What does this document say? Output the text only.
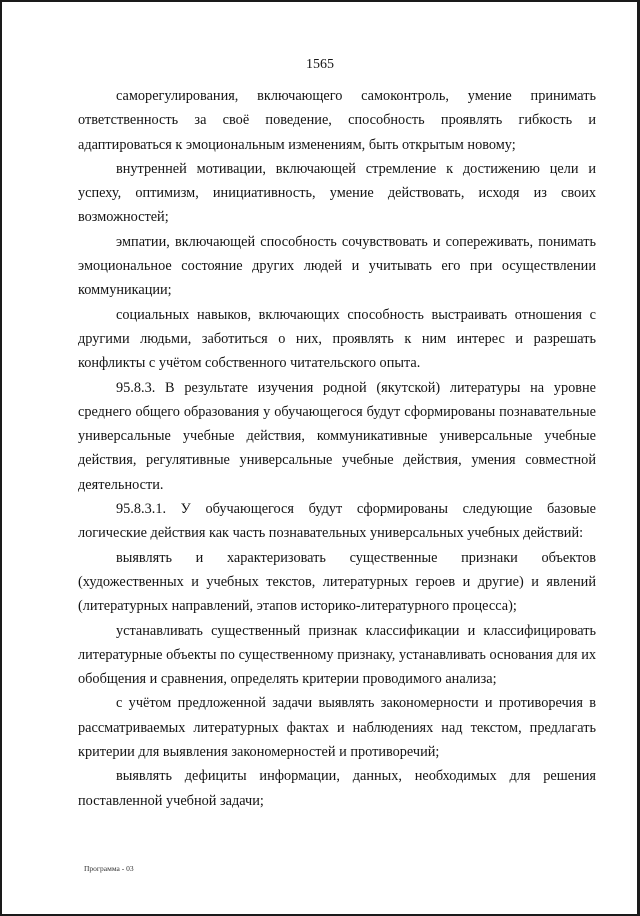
1565

саморегулирования, включающего самоконтроль, умение принимать ответственность за своё поведение, способность проявлять гибкость и адаптироваться к эмоциональным изменениям, быть открытым новому;

внутренней мотивации, включающей стремление к достижению цели и успеху, оптимизм, инициативность, умение действовать, исходя из своих возможностей;

эмпатии, включающей способность сочувствовать и сопереживать, понимать эмоциональное состояние других людей и учитывать его при осуществлении коммуникации;

социальных навыков, включающих способность выстраивать отношения с другими людьми, заботиться о них, проявлять к ним интерес и разрешать конфликты с учётом собственного читательского опыта.

95.8.3. В результате изучения родной (якутской) литературы на уровне среднего общего образования у обучающегося будут сформированы познавательные универсальные учебные действия, коммуникативные универсальные учебные действия, регулятивные универсальные учебные действия, умения совместной деятельности.

95.8.3.1. У обучающегося будут сформированы следующие базовые логические действия как часть познавательных универсальных учебных действий:

выявлять и характеризовать существенные признаки объектов (художественных и учебных текстов, литературных героев и другие) и явлений (литературных направлений, этапов историко-литературного процесса);

устанавливать существенный признак классификации и классифицировать литературные объекты по существенному признаку, устанавливать основания для их обобщения и сравнения, определять критерии проводимого анализа;

с учётом предложенной задачи выявлять закономерности и противоречия в рассматриваемых литературных фактах и наблюдениях над текстом, предлагать критерии для выявления закономерностей и противоречий;

выявлять дефициты информации, данных, необходимых для решения поставленной учебной задачи;

Программа - 03
